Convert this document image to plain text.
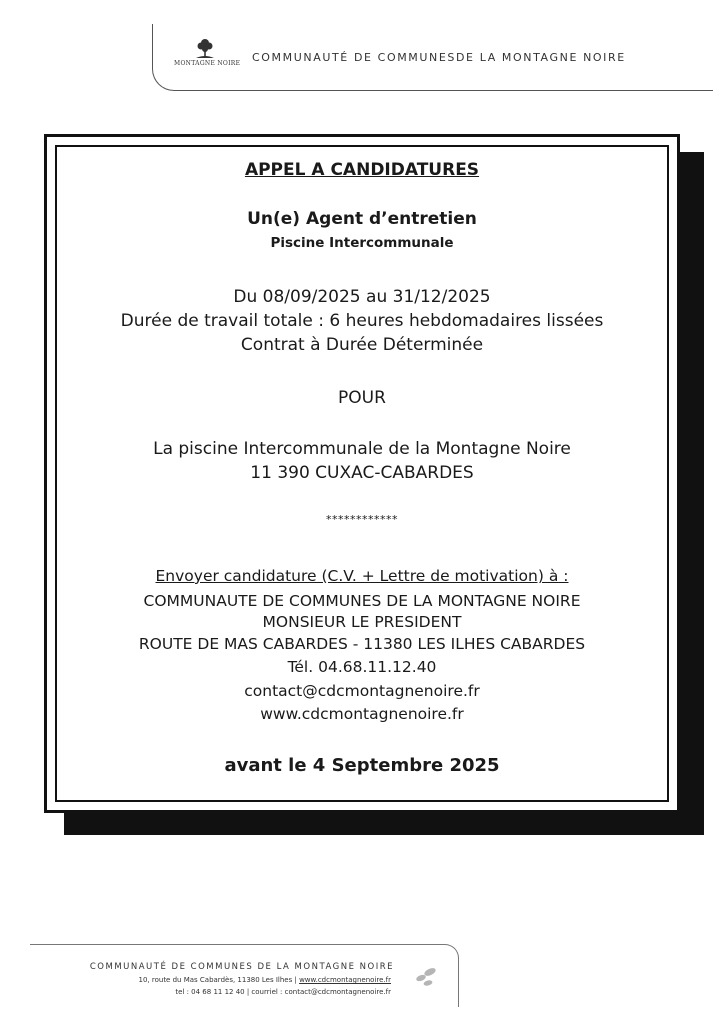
MONTAGNE NOIRE COMMUNAUTÉ DE COMMUNESDE LA MONTAGNE NOIRE
APPEL A CANDIDATURES
Un(e) Agent d’entretien
Piscine Intercommunale
Du 08/09/2025 au 31/12/2025
Durée de travail totale : 6 heures hebdomadaires lissées
Contrat à Durée Déterminée
POUR
La piscine Intercommunale de la Montagne Noire
11 390 CUXAC-CABARDES
************
Envoyer candidature (C.V. + Lettre de motivation) à :
COMMUNAUTE DE COMMUNES DE LA MONTAGNE NOIRE
MONSIEUR LE PRESIDENT
ROUTE DE MAS CABARDES - 11380 LES ILHES CABARDES
Tél. 04.68.11.12.40
contact@cdcmontagnenoire.fr
www.cdcmontagnenoire.fr
avant le 4 Septembre 2025
COMMUNAUTÉ DE COMMUNES DE LA MONTAGNE NOIRE
10, route du Mas Cabardès, 11380 Les Ilhes | www.cdcmontagnenoire.fr
tel : 04 68 11 12 40 | courriel : contact@cdcmontagnenoire.fr
